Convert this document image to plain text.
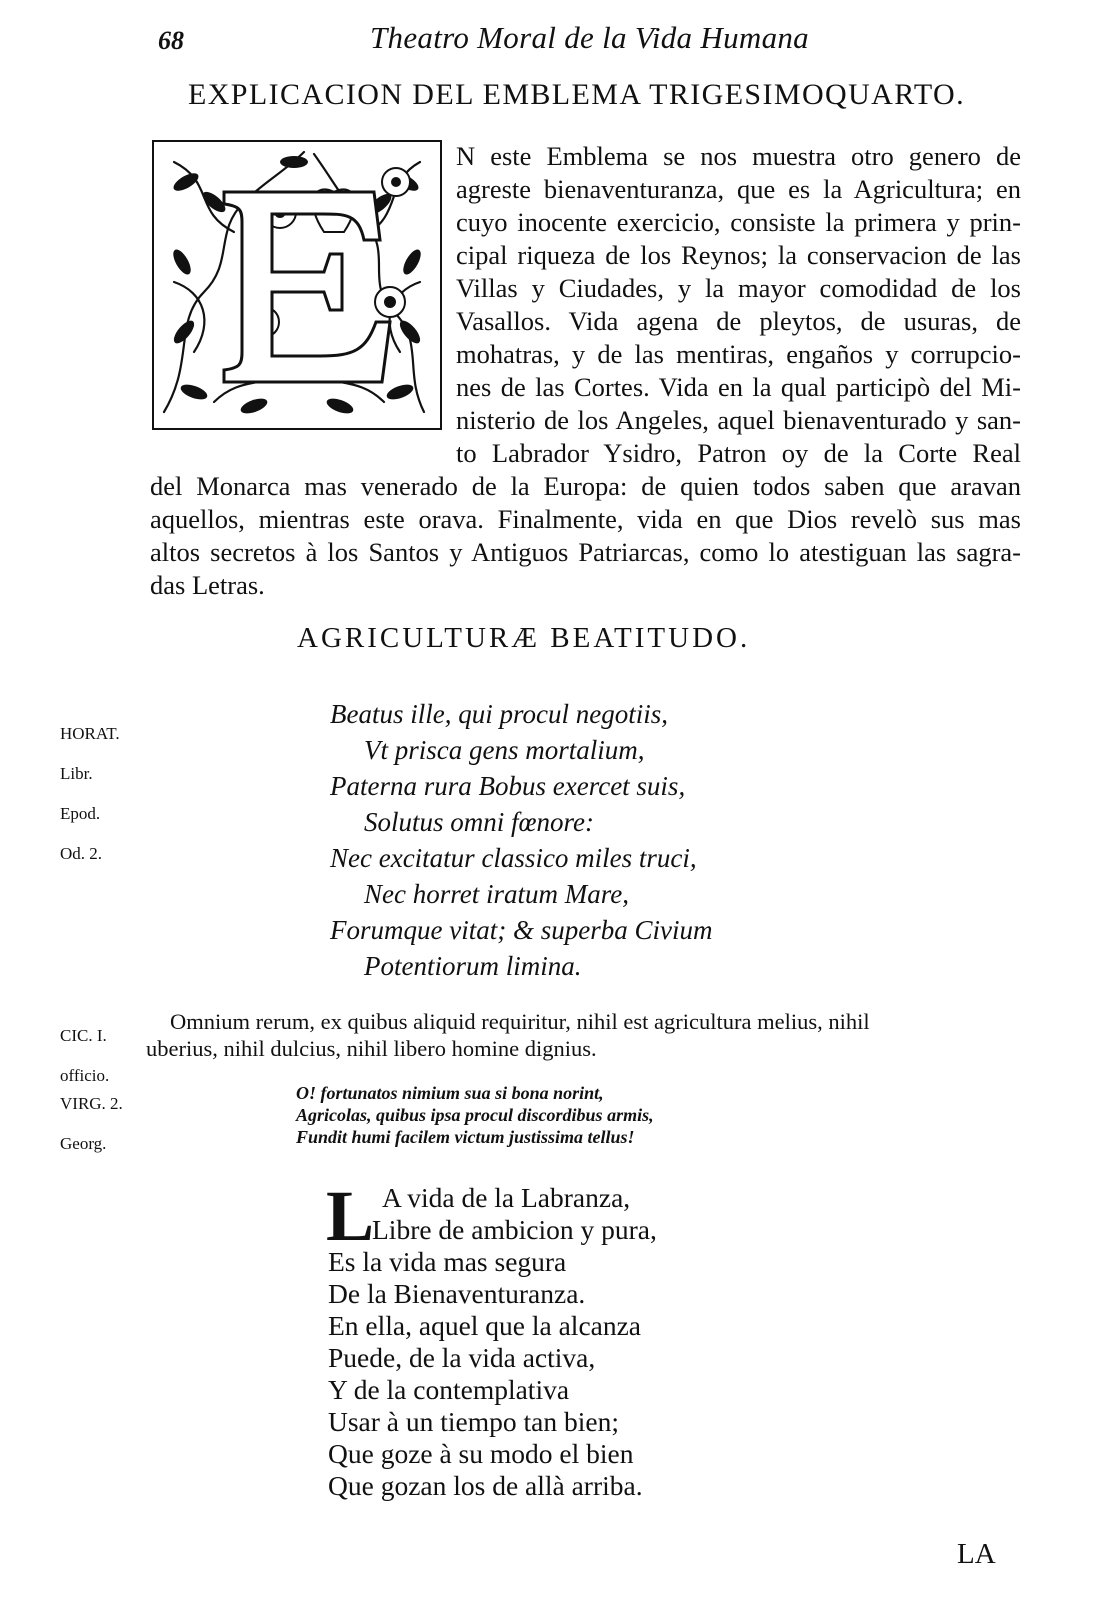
68	Theatro Moral de la Vida Humana
EXPLICACION DEL EMBLEMA TRIGESIMOQUARTO.
N este Emblema se nos muestra otro genero de
agreste bienaventuranza, que es la Agricultura; en
cuyo inocente exercicio, consiste la primera y prin-
cipal riqueza de los Reynos; la conservacion de las
Villas y Ciudades, y la mayor comodidad de los
Vasallos. Vida agena de pleytos, de usuras, de
mohatras, y de las mentiras, engaños y corrupcio-
nes de las Cortes. Vida en la qual participò del Mi-
nisterio de los Angeles, aquel bienaventurado y san-
to Labrador Ysidro, Patron oy de la Corte Real
del Monarca mas venerado de la Europa: de quien todos saben que aravan
aquellos, mientras este orava. Finalmente, vida en que Dios revelò sus mas
altos secretos à los Santos y Antiguos Patriarcas, como lo atestiguan las sagra-
das Letras.
AGRICULTURÆ BEATITUDO.

HORAT.

Libr.

Epod.

Od. 2.

Beatus ille, qui procul negotiis,
Vt prisca gens mortalium,
Paterna rura Bobus exercet suis,
Solutus omni fœnore:
Nec excitatur classico miles truci,
Nec horret iratum Mare,
Forumque vitat; & superba Civium
Potentiorum limina.

CIC. I.

officio.

Omnium rerum, ex quibus aliquid requiritur, nihil est agricultura melius, nihil
uberius, nihil dulcius, nihil libero homine dignius.

VIRG. 2.

Georg.

O! fortunatos nimium sua si bona norint,
Agricolas, quibus ipsa procul discordibus armis,
Fundit humi facilem victum justissima tellus!
L A vida de la Labranza,
Libre de ambicion y pura,
Es la vida mas segura
De la Bienaventuranza.
En ella, aquel que la alcanza
Puede, de la vida activa,
Y de la contemplativa
Usar à un tiempo tan bien;
Que goze à su modo el bien
Que gozan los de allà arriba.
LA
